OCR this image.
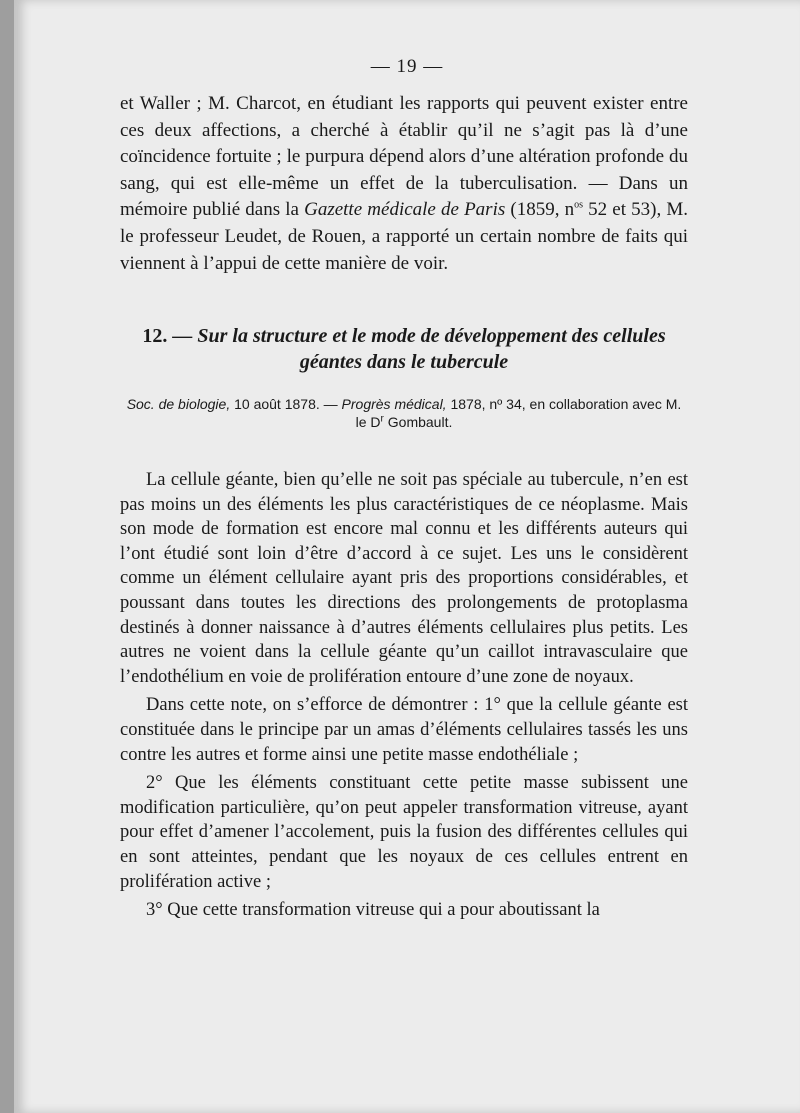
— 19 —
et Waller ; M. Charcot, en étudiant les rapports qui peuvent exister entre ces deux affections, a cherché à établir qu’il ne s’agit pas là d’une coïncidence fortuite ; le purpura dépend alors d’une altération profonde du sang, qui est elle-même un effet de la tuberculisation. — Dans un mémoire publié dans la Gazette médicale de Paris (1859, $n^{os}$ 52 et 53), M. le professeur Leudet, de Rouen, a rapporté un certain nombre de faits qui viennent à l’appui de cette manière de voir.
12. — Sur la structure et le mode de développement des cellules géantes dans le tubercule
Soc. de biologie, 10 août 1878. — Progrès médical, 1878, nº 34, en collaboration avec M. le $D^r$ Gombault.

La cellule géante, bien qu’elle ne soit pas spéciale au tubercule, n’en est pas moins un des éléments les plus caractéristiques de ce néoplasme. Mais son mode de formation est encore mal connu et les différents auteurs qui l’ont étudié sont loin d’être d’accord à ce sujet. Les uns le considèrent comme un élément cellulaire ayant pris des proportions considérables, et poussant dans toutes les directions des prolongements de protoplasma destinés à donner naissance à d’autres éléments cellulaires plus petits. Les autres ne voient dans la cellule géante qu’un caillot intravasculaire que l’endothélium en voie de prolifération entoure d’une zone de noyaux.

Dans cette note, on s’efforce de démontrer : 1° que la cellule géante est constituée dans le principe par un amas d’éléments cellulaires tassés les uns contre les autres et forme ainsi une petite masse endothéliale ;

2° Que les éléments constituant cette petite masse subissent une modification particulière, qu’on peut appeler transformation vitreuse, ayant pour effet d’amener l’accolement, puis la fusion des différentes cellules qui en sont atteintes, pendant que les noyaux de ces cellules entrent en prolifération active ;

3° Que cette transformation vitreuse qui a pour aboutissant la
